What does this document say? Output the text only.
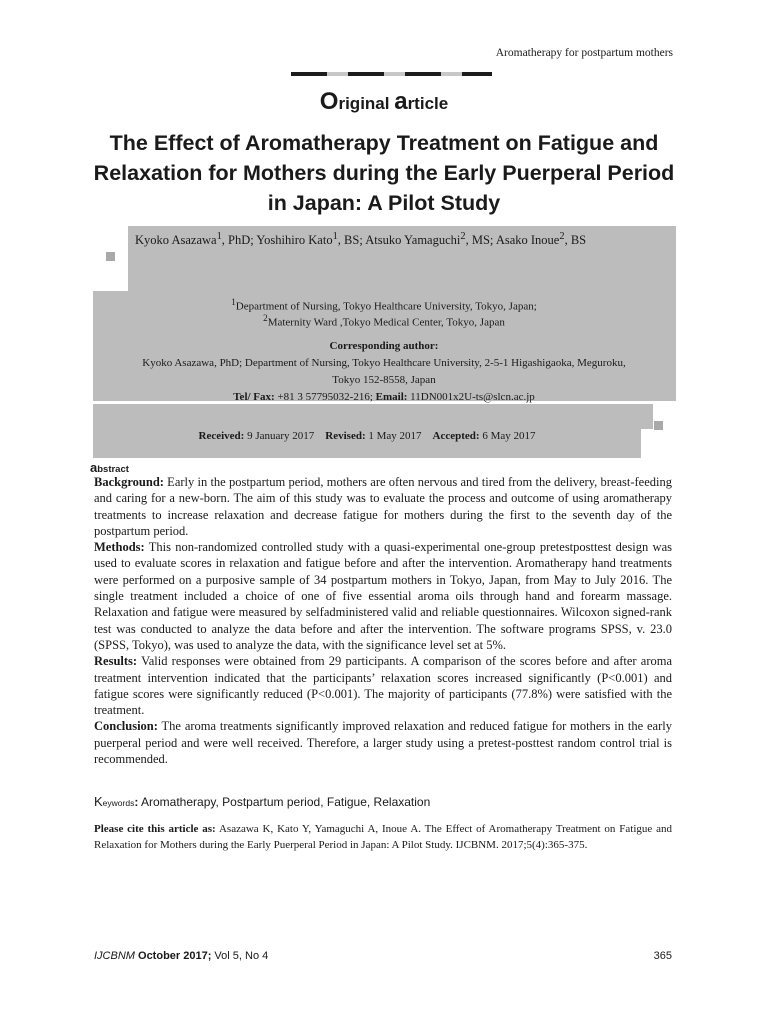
Aromatherapy for postpartum mothers
Original article
The Effect of Aromatherapy Treatment on Fatigue and Relaxation for Mothers during the Early Puerperal Period in Japan: A Pilot Study
Kyoko Asazawa$^1$, PhD; Yoshihiro Kato$^1$, BS; Atsuko Yamaguchi$^2$, MS; Asako Inoue$^2$, BS
$^1$Department of Nursing, Tokyo Healthcare University, Tokyo, Japan;
$^2$Maternity Ward ,Tokyo Medical Center, Tokyo, Japan
Corresponding author:
Kyoko Asazawa, PhD; Department of Nursing, Tokyo Healthcare University, 2-5-1 Higashigaoka, Meguroku,
Tokyo 152-8558, Japan
Tel/ Fax: +81 3 57795032-216; Email: 11DN001x2U-ts@slcn.ac.jp
Received: 9 January 2017 Revised: 1 May 2017 Accepted: 6 May 2017
abstract

Background: Early in the postpartum period, mothers are often nervous and tired from the delivery, breast-feeding and caring for a new-born. The aim of this study was to evaluate the process and outcome of using aromatherapy treatments to increase relaxation and decrease fatigue for mothers during the first to the seventh day of the postpartum period.

Methods: This non-randomized controlled study with a quasi-experimental one-group pretestposttest design was used to evaluate scores in relaxation and fatigue before and after the intervention. Aromatherapy hand treatments were performed on a purposive sample of 34 postpartum mothers in Tokyo, Japan, from May to July 2016. The single treatment included a choice of one of five essential aroma oils through hand and forearm massage. Relaxation and fatigue were measured by selfadministered valid and reliable questionnaires. Wilcoxon signed-rank test was conducted to analyze the data before and after the intervention. The software programs SPSS, v. 23.0 (SPSS, Tokyo), was used to analyze the data, with the significance level set at 5%.

Results: Valid responses were obtained from 29 participants. A comparison of the scores before and after aroma treatment intervention indicated that the participants’ relaxation scores increased significantly (P<0.001) and fatigue scores were significantly reduced (P<0.001). The majority of participants (77.8%) were satisfied with the treatment.

Conclusion: The aroma treatments significantly improved relaxation and reduced fatigue for mothers in the early puerperal period and were well received. Therefore, a larger study using a pretest-posttest random control trial is recommended.

Keywords: Aromatherapy, Postpartum period, Fatigue, Relaxation
Please cite this article as: Asazawa K, Kato Y, Yamaguchi A, Inoue A. The Effect of Aromatherapy Treatment on Fatigue and Relaxation for Mothers during the Early Puerperal Period in Japan: A Pilot Study. IJCBNM. 2017;5(4):365-375.
IJCBNM October 2017; Vol 5, No 4	365
